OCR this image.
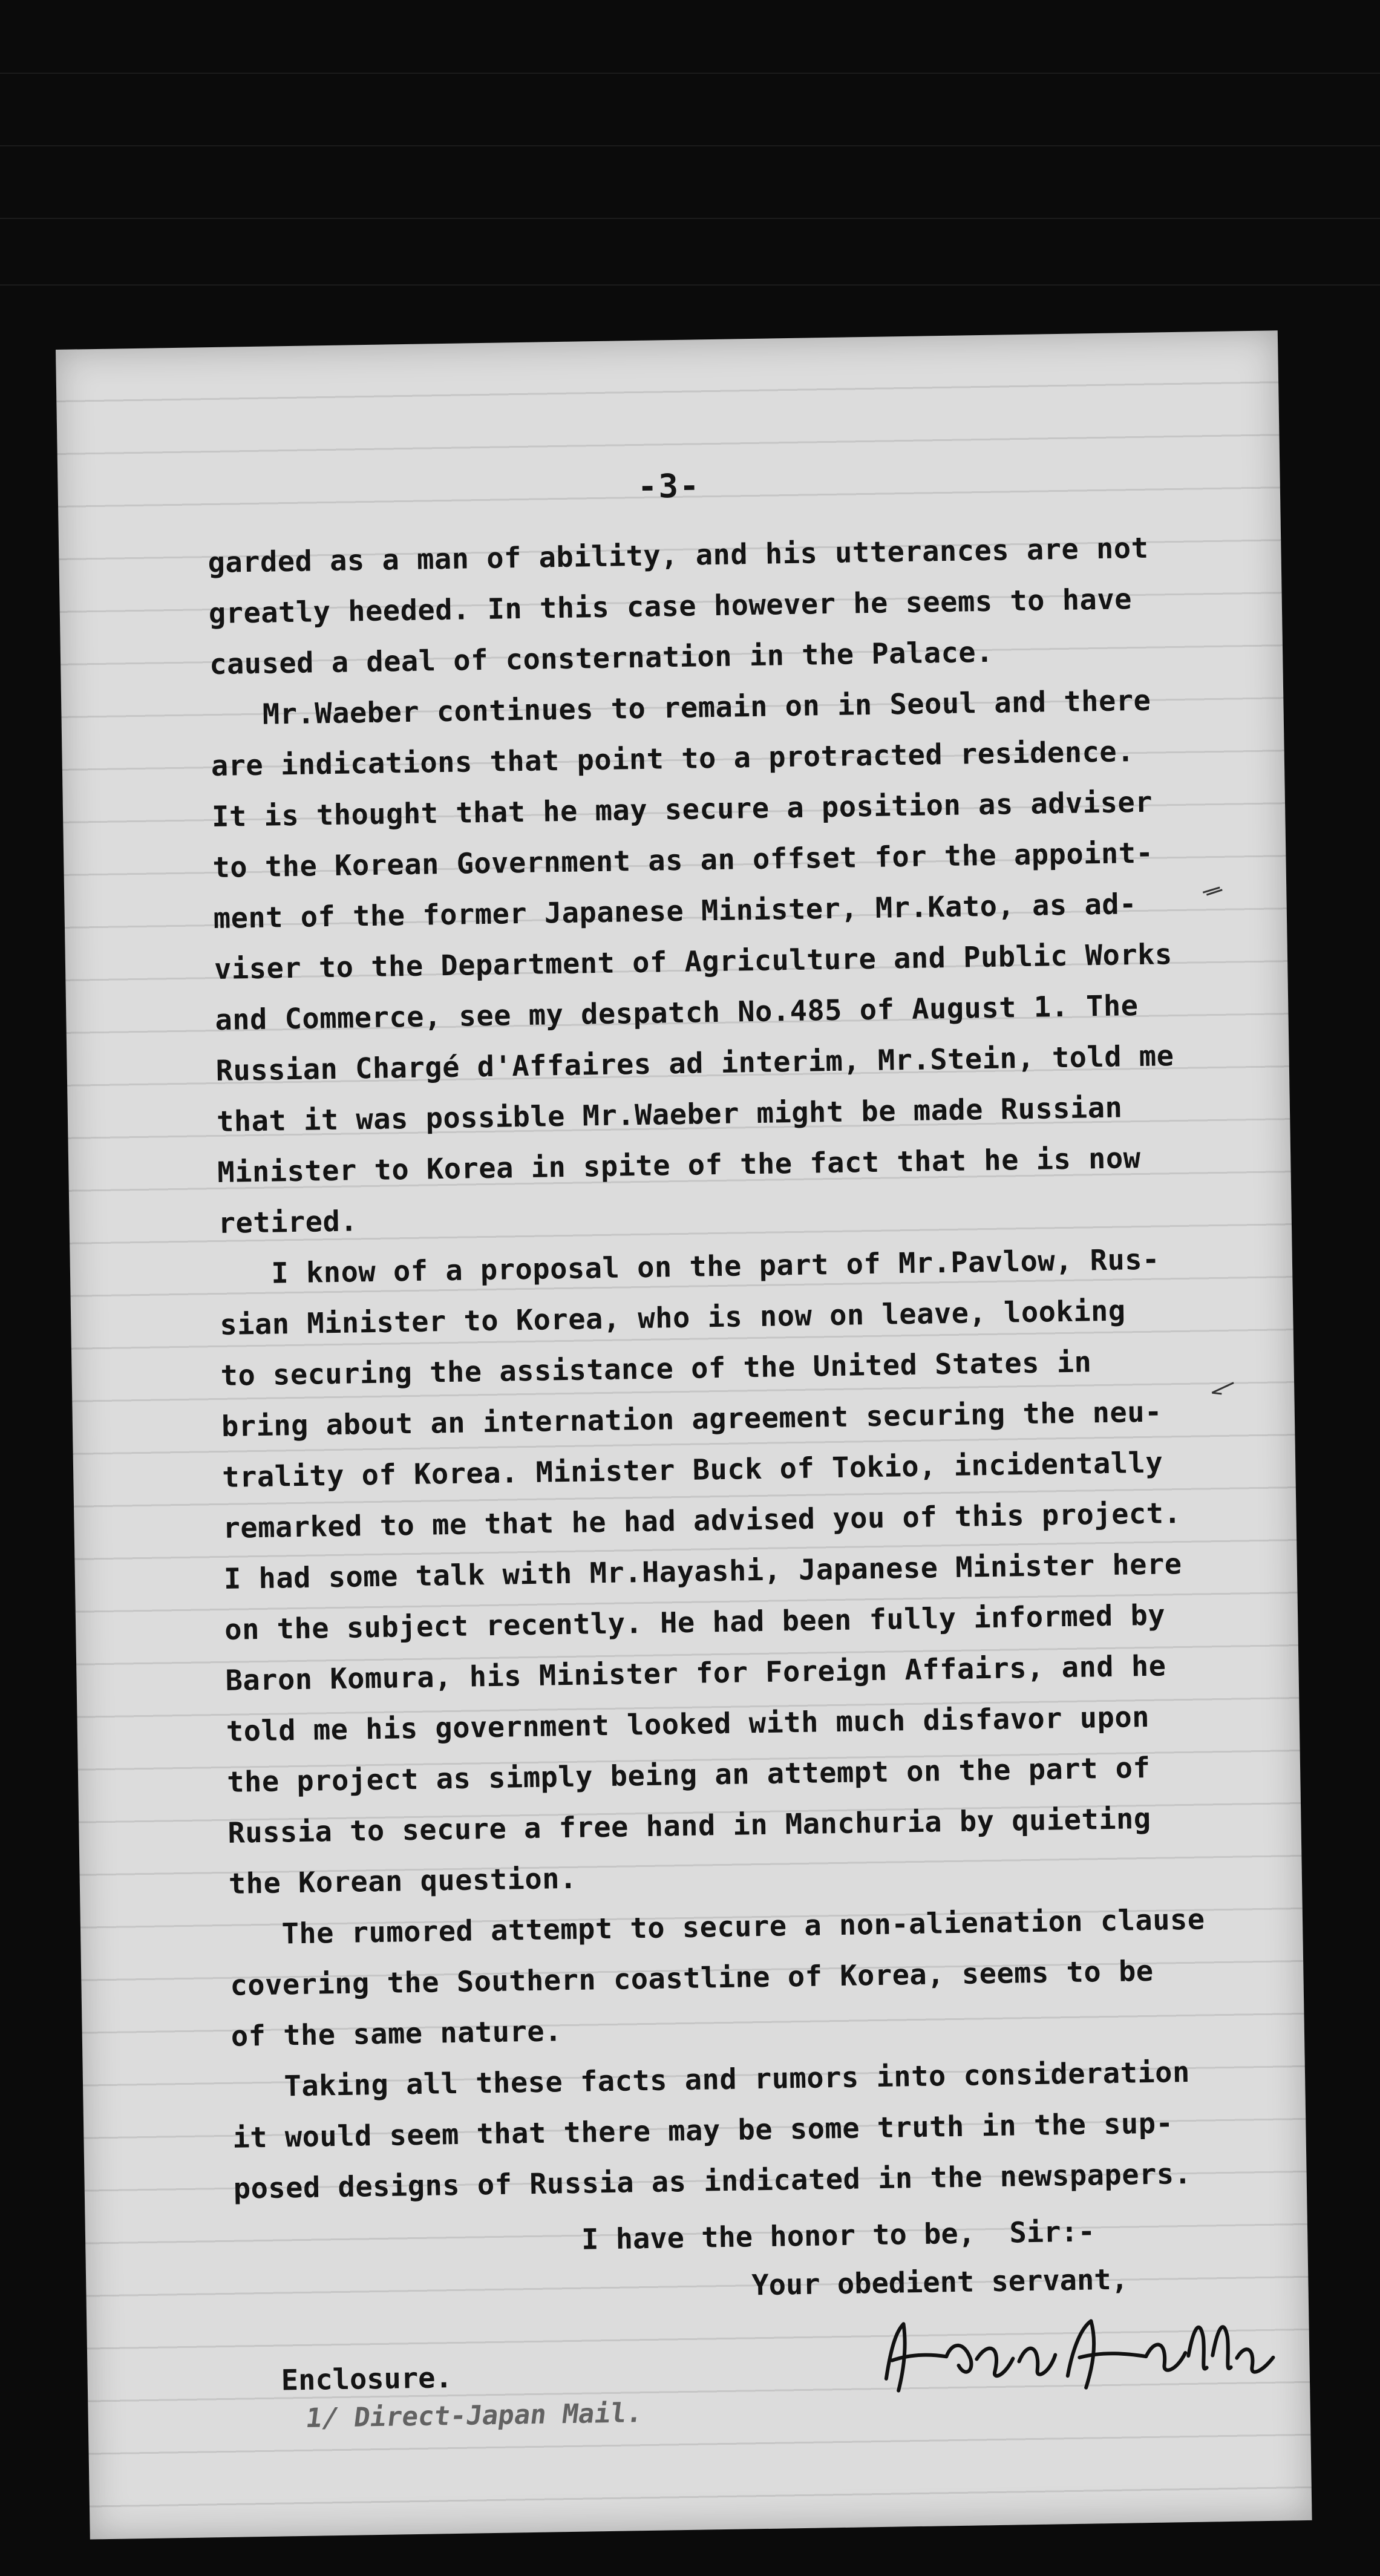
-3-
garded as a man of ability, and his utterances are not
greatly heeded. In this case however he seems to have
caused a deal of consternation in the Palace.
Mr.Waeber continues to remain on in Seoul and there
are indications that point to a protracted residence.
It is thought that he may secure a position as adviser
to the Korean Government as an offset for the appoint-
ment of the former Japanese Minister, Mr.Kato, as ad-
viser to the Department of Agriculture and Public Works
and Commerce, see my despatch No.485 of August 1. The
Russian Chargé d'Affaires ad interim, Mr.Stein, told me
that it was possible Mr.Waeber might be made Russian
Minister to Korea in spite of the fact that he is now
retired.
I know of a proposal on the part of Mr.Pavlow, Rus-
sian Minister to Korea, who is now on leave, looking
to securing the assistance of the United States in
bring about an internation agreement securing the neu-
trality of Korea. Minister Buck of Tokio, incidentally
remarked to me that he had advised you of this project.
I had some talk with Mr.Hayashi, Japanese Minister here
on the subject recently. He had been fully informed by
Baron Komura, his Minister for Foreign Affairs, and he
told me his government looked with much disfavor upon
the project as simply being an attempt on the part of
Russia to secure a free hand in Manchuria by quieting
the Korean question.
The rumored attempt to secure a non-alienation clause
covering the Southern coastline of Korea, seems to be
of the same nature.
Taking all these facts and rumors into consideration
it would seem that there may be some truth in the sup-
posed designs of Russia as indicated in the newspapers.
I have the honor to be,  Sir:-
Your obedient servant,
Enclosure.
1/ Direct-Japan Mail.
